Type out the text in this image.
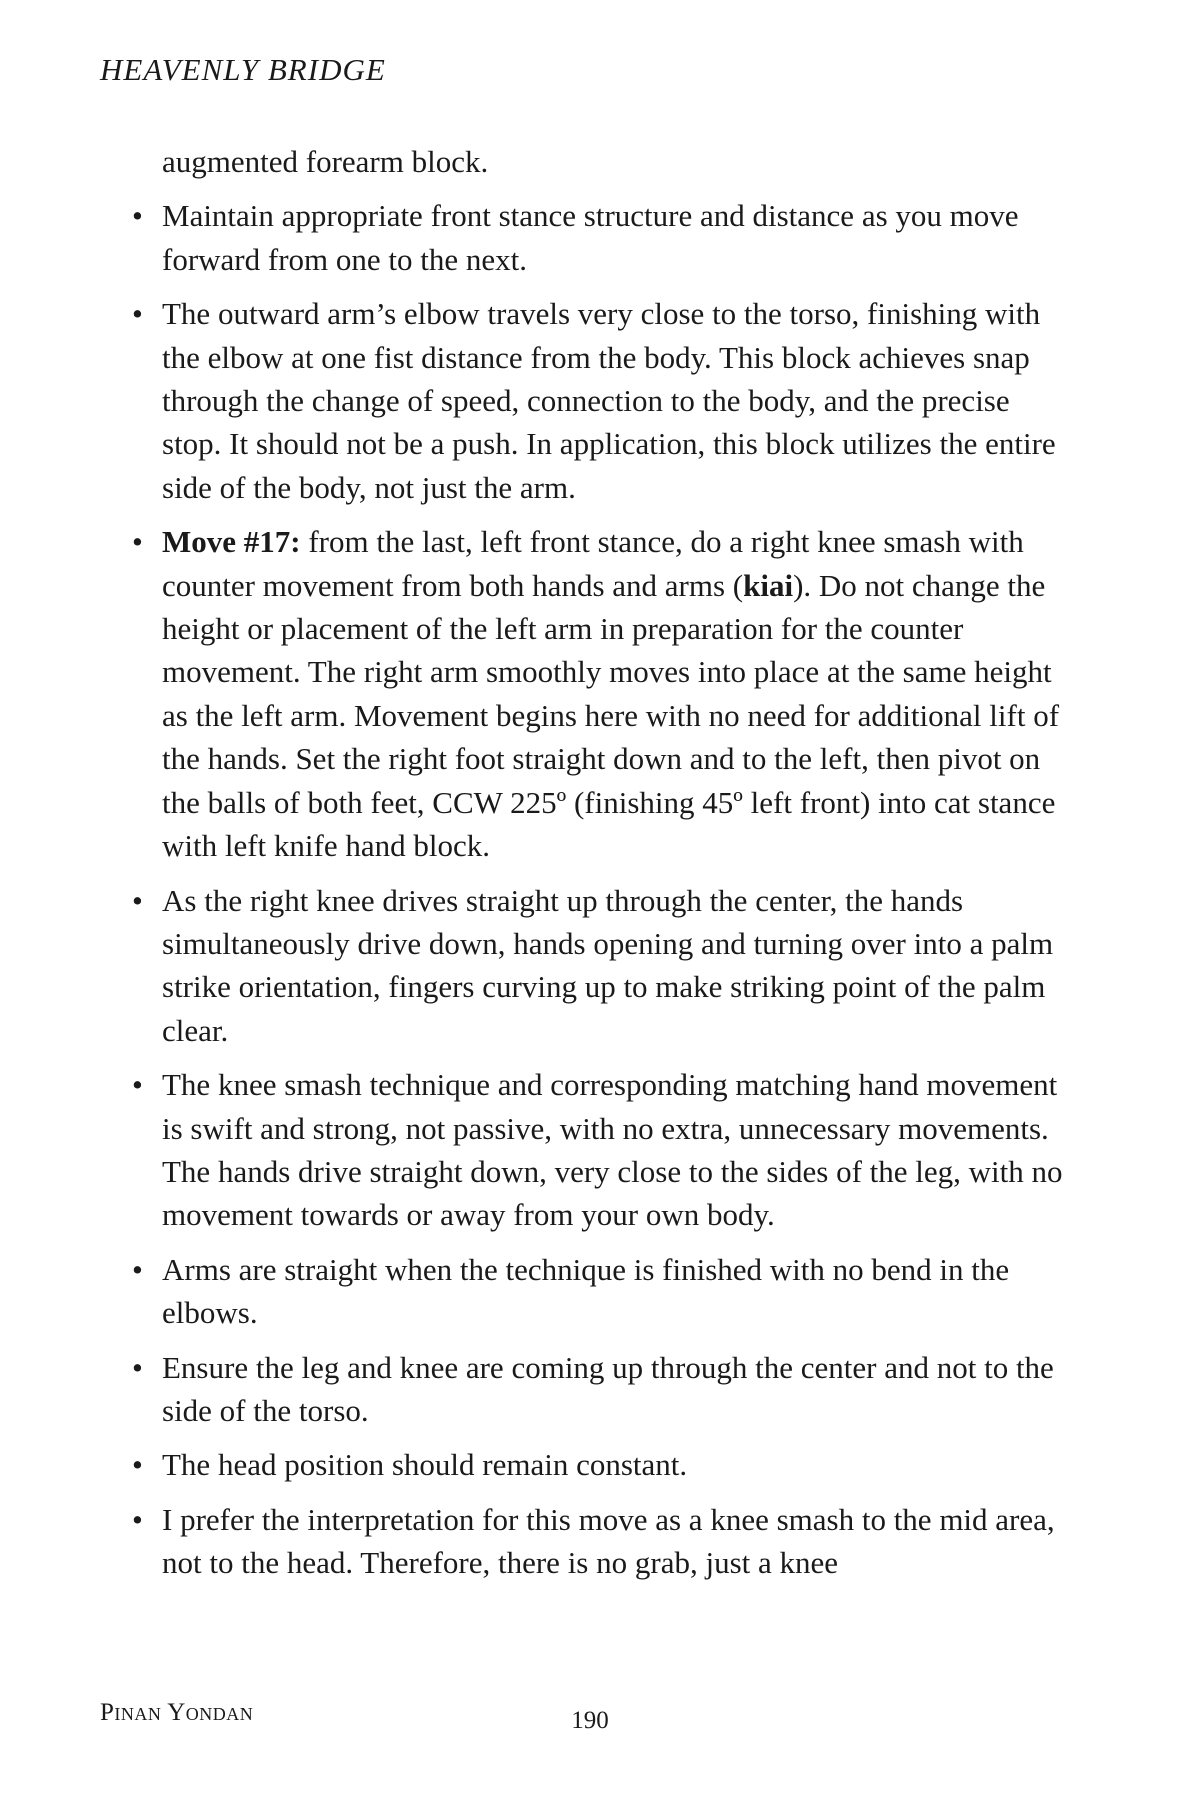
HEAVENLY BRIDGE

augmented forearm block.

• Maintain appropriate front stance structure and distance as you move forward from one to the next.

• The outward arm’s elbow travels very close to the torso, finishing with the elbow at one fist distance from the body. This block achieves snap through the change of speed, connection to the body, and the precise stop. It should not be a push. In application, this block utilizes the entire side of the body, not just the arm.

• Move #17: from the last, left front stance, do a right knee smash with counter movement from both hands and arms (kiai). Do not change the height or placement of the left arm in preparation for the counter movement. The right arm smoothly moves into place at the same height as the left arm. Movement begins here with no need for additional lift of the hands. Set the right foot straight down and to the left, then pivot on the balls of both feet, CCW 225º (finishing 45º left front) into cat stance with left knife hand block.

• As the right knee drives straight up through the center, the hands simultaneously drive down, hands opening and turning over into a palm strike orientation, fingers curving up to make striking point of the palm clear.

• The knee smash technique and corresponding matching hand movement is swift and strong, not passive, with no extra, unnecessary movements. The hands drive straight down, very close to the sides of the leg, with no movement towards or away from your own body.

• Arms are straight when the technique is finished with no bend in the elbows.

• Ensure the leg and knee are coming up through the center and not to the side of the torso.

• The head position should remain constant.

• I prefer the interpretation for this move as a knee smash to the mid area, not to the head. Therefore, there is no grab, just a knee

Pinan Yondan	190
